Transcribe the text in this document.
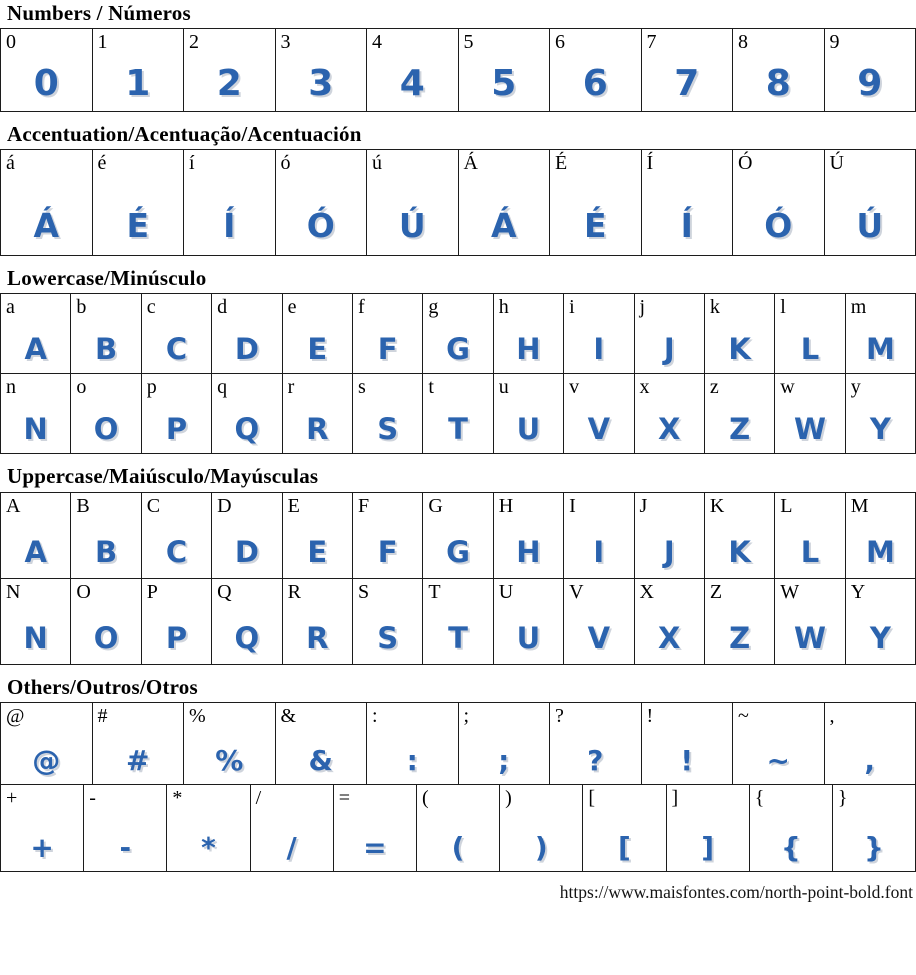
Numbers / Números
0
0
1
1
2
2
3
3
4
4
5
5
6
6
7
7
8
8
9
9
Accentuation/Acentuação/Acentuación
á
Á
é
É
í
Í
ó
Ó
ú
Ú
Á
Á
É
É
Í
Í
Ó
Ó
Ú
Ú
Lowercase/Minúsculo
a
A
b
B
c
C
d
D
e
E
f
F
g
G
h
H
i
I
j
J
k
K
l
L
m
M
n
N
o
O
p
P
q
Q
r
R
s
S
t
T
u
U
v
V
x
X
z
Z
w
W
y
Y
Uppercase/Maiúsculo/Mayúsculas
A
A
B
B
C
C
D
D
E
E
F
F
G
G
H
H
I
I
J
J
K
K
L
L
M
M
N
N
O
O
P
P
Q
Q
R
R
S
S
T
T
U
U
V
V
X
X
Z
Z
W
W
Y
Y
Others/Outros/Otros
@
@
#
#
%
%
&
&
:
:
;
;
?
?
!
!
~
~
,
,
+
+
-
-
*
*
/
/
=
=
(
(
)
)
[
[
]
]
{
{
}
}
https://www.maisfontes.com/north-point-bold.font
